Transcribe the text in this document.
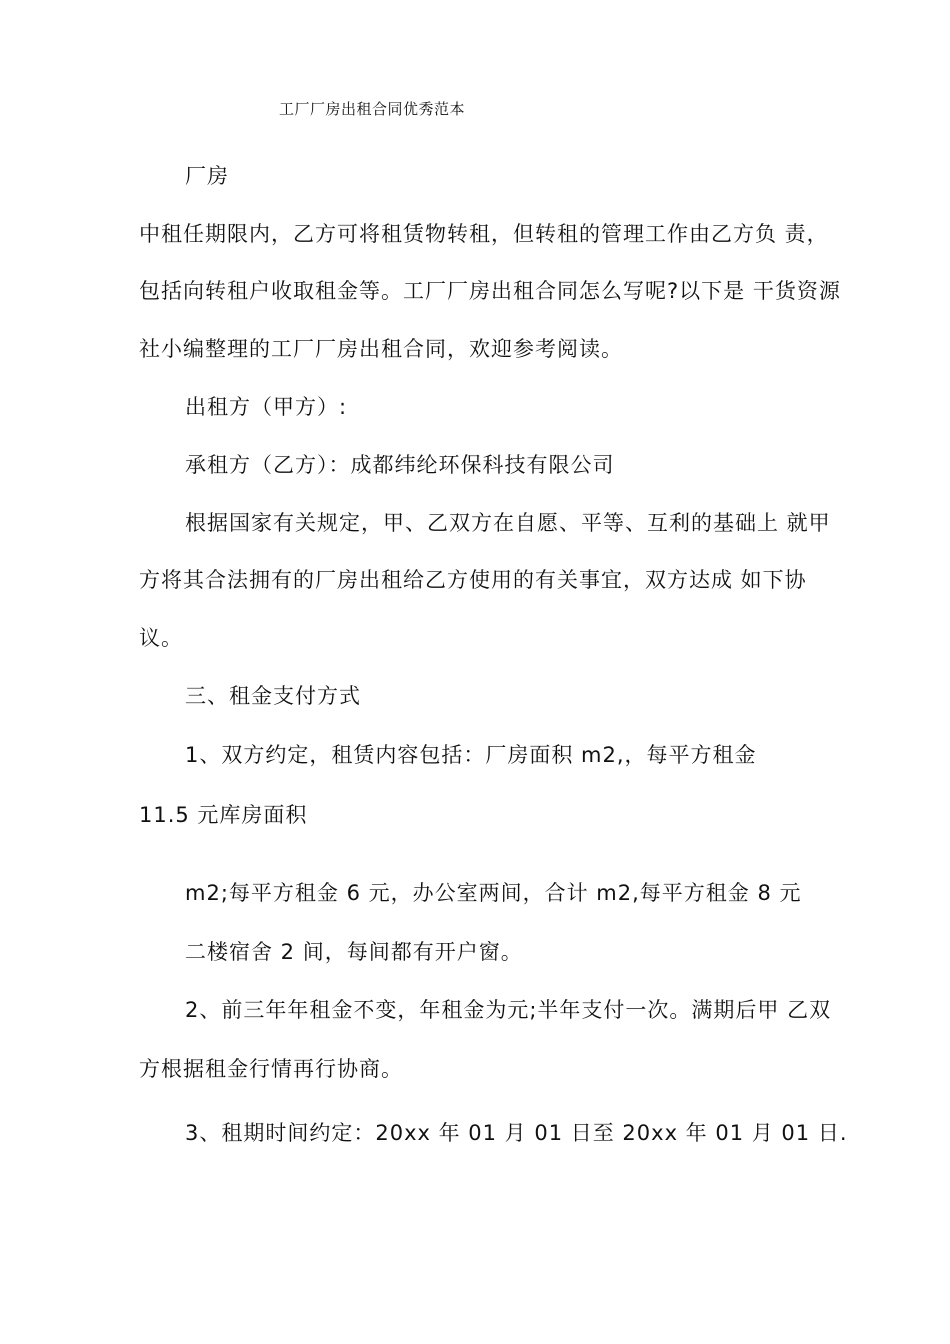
工厂厂房出租合同优秀范本
厂房
中租任期限内，乙方可将租赁物转租，但转租的管理工作由乙方负 责，
包括向转租户收取租金等。工厂厂房出租合同怎么写呢?以下是 干货资源
社小编整理的工厂厂房出租合同，欢迎参考阅读。
出租方（甲方）:
承租方（乙方）：成都纬纶环保科技有限公司
根据国家有关规定，甲、乙双方在自愿、平等、互利的基础上 就甲
方将其合法拥有的厂房出租给乙方使用的有关事宜，双方达成 如下协
议。
三、租金支付方式
1、双方约定，租赁内容包括：厂房面积 m2,，每平方租金
11.5 元库房面积
m2;每平方租金 6 元，办公室两间，合计 m2,每平方租金 8 元
二楼宿舍 2 间，每间都有开户窗。
2、前三年年租金不变，年租金为元;半年支付一次。满期后甲 乙双
方根据租金行情再行协商。
3、租期时间约定：20xx 年 01 月 01 日至 20xx 年 01 月 01 日.
